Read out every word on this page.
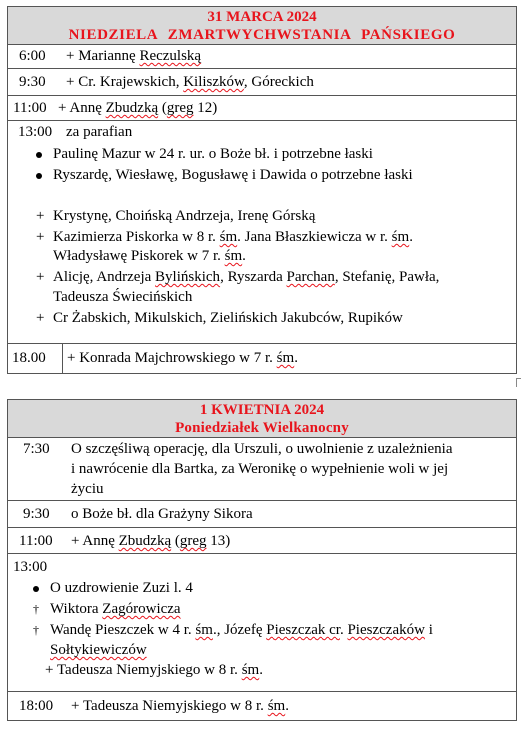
31 MARCA 2024
NIEDZIELA ZMARTWYCHWSTANIA PAŃSKIEGO
6:00 + Mariannę Reczulską
9:30 + Cr. Krajewskich, Kiliszków, Góreckich
11:00 + Annę Zbudzką (greg 12)
13:00 za parafian
Paulinę Mazur w 24 r. ur. o Boże bł. i potrzebne łaski
Ryszardę, Wiesławę, Bogusławę i Dawida o potrzebne łaski
+ Krystynę, Choińską Andrzeja, Irenę Górską
+ Kazimierza Piskorka w 8 r. śm. Jana Błaszkiewicza w r. śm.
Władysławę Piskorek w 7 r. śm.
+ Alicję, Andrzeja Bylińskich, Ryszarda Parchan, Stefanię, Pawła,
Tadeusza Świecińskich
+ Cr Żabskich, Mikulskich, Zielińskich Jakubców, Rupików
18.00 + Konrada Majchrowskiego w 7 r. śm.
1 KWIETNIA 2024
Poniedziałek Wielkanocny
7:30 O szczęśliwą operację, dla Urszuli, o uwolnienie z uzależnienia
i nawrócenie dla Bartka, za Weronikę o wypełnienie woli w jej
życiu
9:30 o Boże bł. dla Grażyny Sikora
11:00 + Annę Zbudzką (greg 13)
13:00
O uzdrowienie Zuzi l. 4
† Wiktora Zagórowicza
† Wandę Pieszczek w 4 r. śm., Józefę Pieszczak cr. Pieszczaków i
Sołtykiewiczów
+ Tadeusza Niemyjskiego w 8 r. śm.
18:00 + Tadeusza Niemyjskiego w 8 r. śm.
